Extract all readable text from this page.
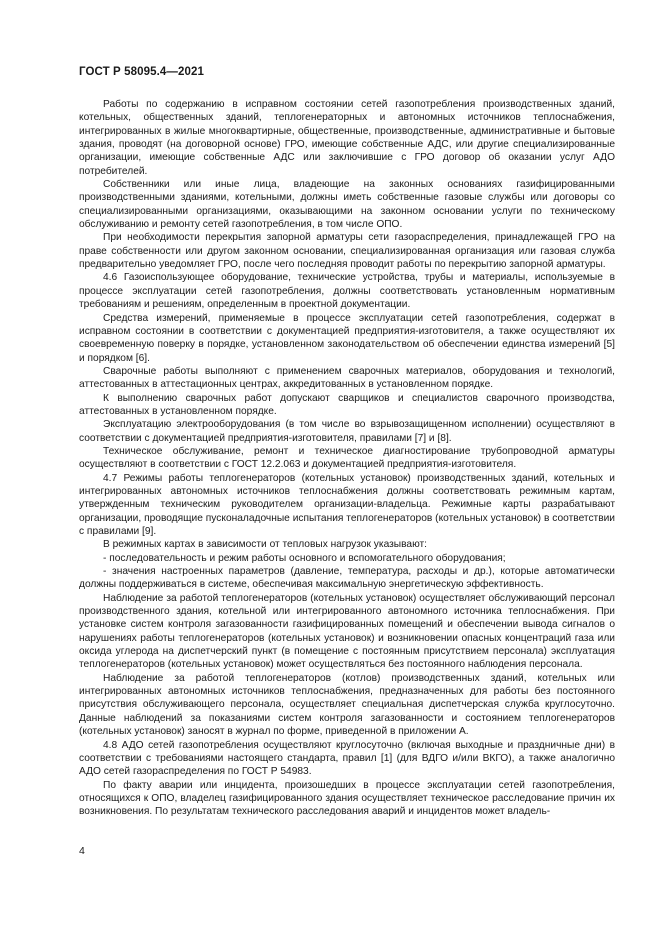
ГОСТ Р 58095.4—2021

Работы по содержанию в исправном состоянии сетей газопотребления производственных зданий, котельных, общественных зданий, теплогенераторных и автономных источников теплоснабжения, интегрированных в жилые многоквартирные, общественные, производственные, административные и бытовые здания, проводят (на договорной основе) ГРО, имеющие собственные АДС, или другие специализированные организации, имеющие собственные АДС или заключившие с ГРО договор об оказании услуг АДО потребителей.

Собственники или иные лица, владеющие на законных основаниях газифицированными производственными зданиями, котельными, должны иметь собственные газовые службы или договоры со специализированными организациями, оказывающими на законном основании услуги по техническому обслуживанию и ремонту сетей газопотребления, в том числе ОПО.

При необходимости перекрытия запорной арматуры сети газораспределения, принадлежащей ГРО на праве собственности или другом законном основании, специализированная организация или газовая служба предварительно уведомляет ГРО, после чего последняя проводит работы по перекрытию запорной арматуры.

4.6 Газоиспользующее оборудование, технические устройства, трубы и материалы, используемые в процессе эксплуатации сетей газопотребления, должны соответствовать установленным нормативным требованиям и решениям, определенным в проектной документации.

Средства измерений, применяемые в процессе эксплуатации сетей газопотребления, содержат в исправном состоянии в соответствии с документацией предприятия-изготовителя, а также осуществляют их своевременную поверку в порядке, установленном законодательством об обеспечении единства измерений [5] и порядком [6].

Сварочные работы выполняют с применением сварочных материалов, оборудования и технологий, аттестованных в аттестационных центрах, аккредитованных в установленном порядке.

К выполнению сварочных работ допускают сварщиков и специалистов сварочного производства, аттестованных в установленном порядке.

Эксплуатацию электрооборудования (в том числе во взрывозащищенном исполнении) осуществляют в соответствии с документацией предприятия-изготовителя, правилами [7] и [8].

Техническое обслуживание, ремонт и техническое диагностирование трубопроводной арматуры осуществляют в соответствии с ГОСТ 12.2.063 и документацией предприятия-изготовителя.

4.7 Режимы работы теплогенераторов (котельных установок) производственных зданий, котельных и интегрированных автономных источников теплоснабжения должны соответствовать режимным картам, утвержденным техническим руководителем организации-владельца. Режимные карты разрабатывают организации, проводящие пусконаладочные испытания теплогенераторов (котельных установок) в соответствии с правилами [9].

В режимных картах в зависимости от тепловых нагрузок указывают:

- последовательность и режим работы основного и вспомогательного оборудования;

- значения настроенных параметров (давление, температура, расходы и др.), которые автоматически должны поддерживаться в системе, обеспечивая максимальную энергетическую эффективность.

Наблюдение за работой теплогенераторов (котельных установок) осуществляет обслуживающий персонал производственного здания, котельной или интегрированного автономного источника теплоснабжения. При установке систем контроля загазованности газифицированных помещений и обеспечении вывода сигналов о нарушениях работы теплогенераторов (котельных установок) и возникновении опасных концентраций газа или оксида углерода на диспетчерский пункт (в помещение с постоянным присутствием персонала) эксплуатация теплогенераторов (котельных установок) может осуществляться без постоянного наблюдения персонала.

Наблюдение за работой теплогенераторов (котлов) производственных зданий, котельных или интегрированных автономных источников теплоснабжения, предназначенных для работы без постоянного присутствия обслуживающего персонала, осуществляет специальная диспетчерская служба круглосуточно. Данные наблюдений за показаниями систем контроля загазованности и состоянием теплогенераторов (котельных установок) заносят в журнал по форме, приведенной в приложении А.

4.8 АДО сетей газопотребления осуществляют круглосуточно (включая выходные и праздничные дни) в соответствии с требованиями настоящего стандарта, правил [1] (для ВДГО и/или ВКГО), а также аналогично АДО сетей газораспределения по ГОСТ Р 54983.

По факту аварии или инцидента, произошедших в процессе эксплуатации сетей газопотребления, относящихся к ОПО, владелец газифицированного здания осуществляет техническое расследование причин их возникновения. По результатам технического расследования аварий и инцидентов может владель-

4
